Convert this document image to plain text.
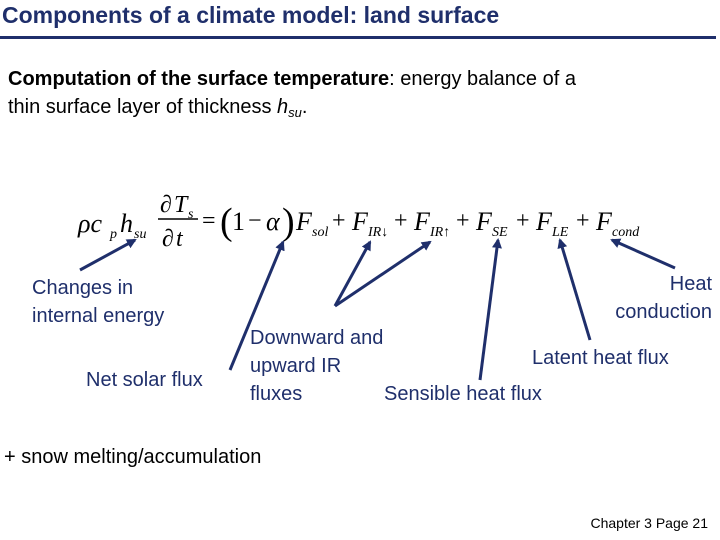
Components of a climate model: land surface
Computation of the surface temperature: energy balance of a
thin surface layer of thickness $h_{su}$.
ρc p h su
∂ T s
∂ t
= ( 1 − α ) F sol + F IR↓ + F IR↑ + F SE + F LE + F cond
Changes in
internal energy
Net solar flux
Downward and
upward IR
fluxes	Sensible heat flux
Latent heat flux
Heat
conduction
+ snow melting/accumulation
Chapter 3 Page 21
